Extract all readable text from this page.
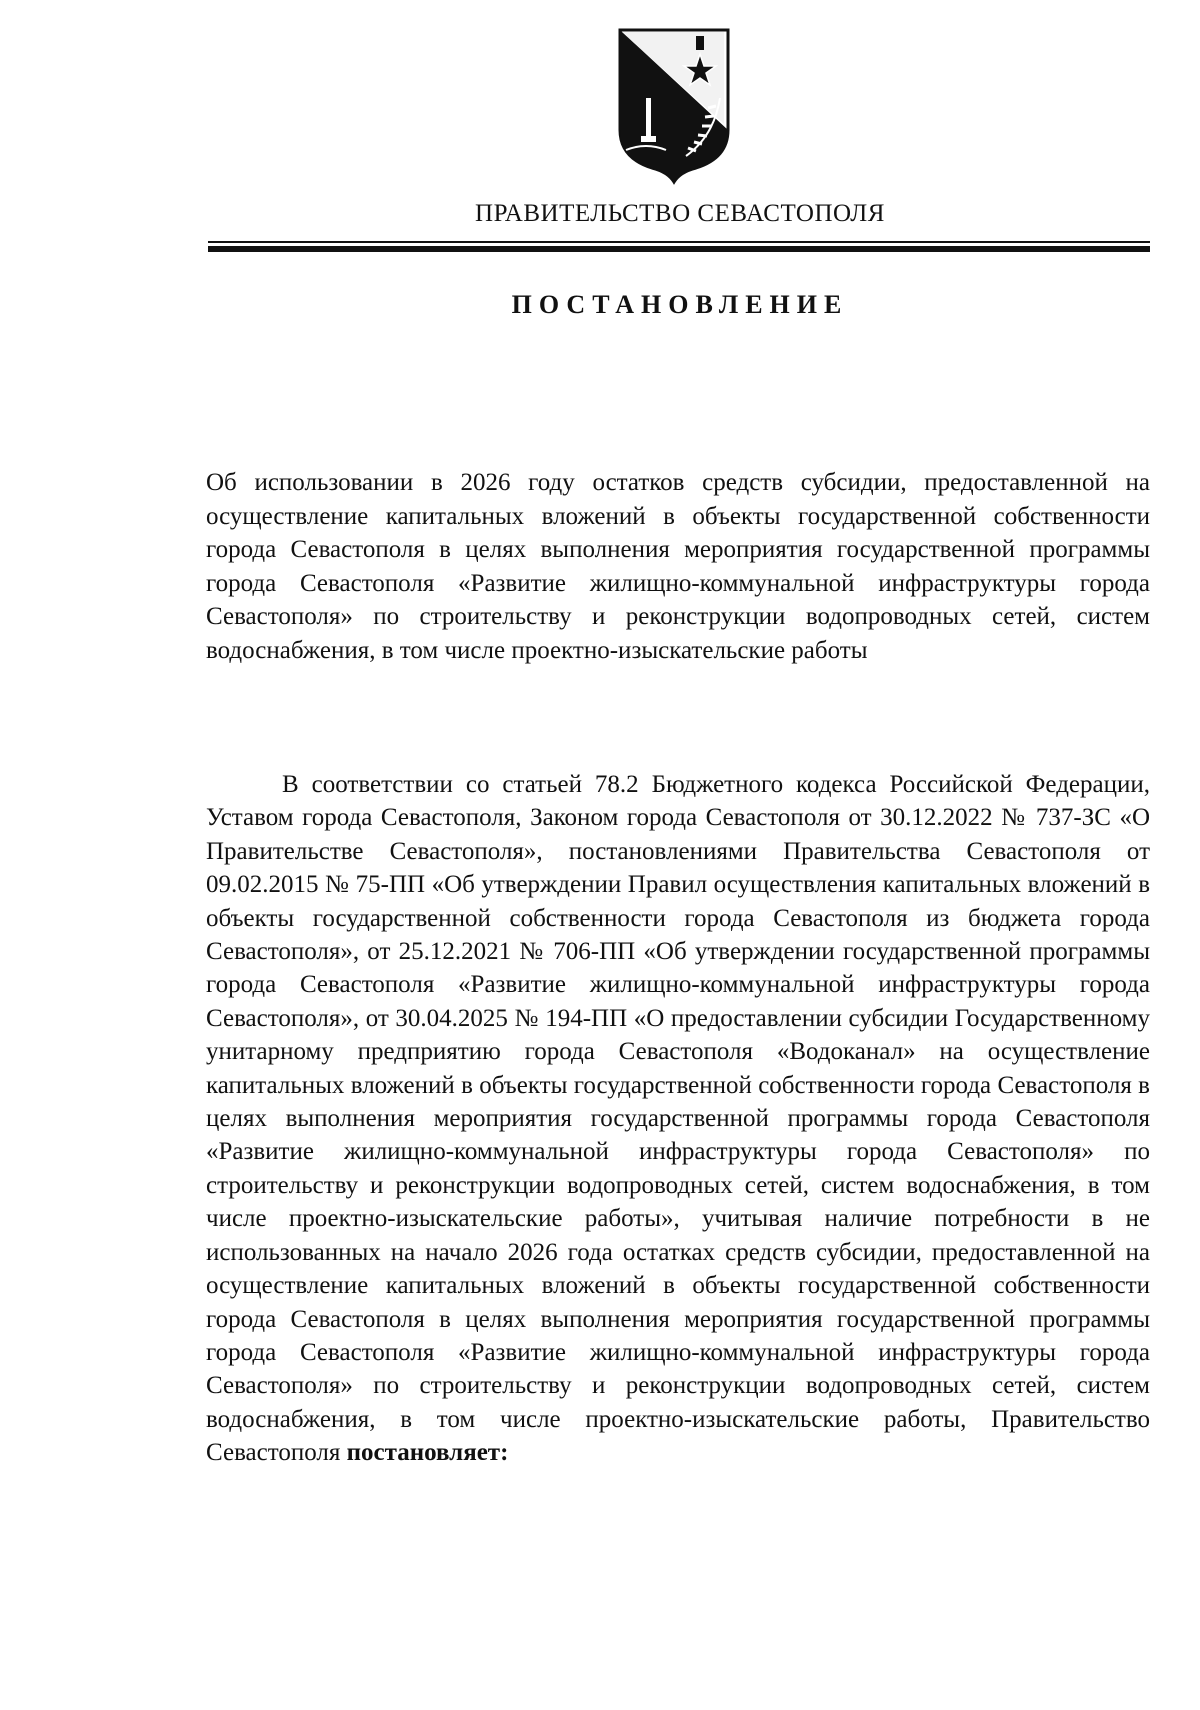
ПРАВИТЕЛЬСТВО СЕВАСТОПОЛЯ
ПОСТАНОВЛЕНИЕ
Об использовании в 2026 году остатков средств субсидии, предоставленной на осуществление капитальных вложений в объекты государственной собственности города Севастополя в целях выполнения мероприятия государственной программы города Севастополя «Развитие жилищно-коммунальной инфраструктуры города Севастополя» по строительству и реконструкции водопроводных сетей, систем водоснабжения, в том числе проектно-изыскательские работы
В соответствии со статьей 78.2 Бюджетного кодекса Российской Федерации, Уставом города Севастополя, Законом города Севастополя от 30.12.2022 № 737-ЗС «О Правительстве Севастополя», постановлениями Правительства Севастополя от 09.02.2015 № 75-ПП «Об утверждении Правил осуществления капитальных вложений в объекты государственной собственности города Севастополя из бюджета города Севастополя», от 25.12.2021 № 706-ПП «Об утверждении государственной программы города Севастополя «Развитие жилищно-коммунальной инфраструктуры города Севастополя», от 30.04.2025 № 194-ПП «О предоставлении субсидии Государственному унитарному предприятию города Севастополя «Водоканал» на осуществление капитальных вложений в объекты государственной собственности города Севастополя в целях выполнения мероприятия государственной программы города Севастополя «Развитие жилищно-коммунальной инфраструктуры города Севастополя» по строительству и реконструкции водопроводных сетей, систем водоснабжения, в том числе проектно-изыскательские работы», учитывая наличие потребности в не использованных на начало 2026 года остатках средств субсидии, предоставленной на осуществление капитальных вложений в объекты государственной собственности города Севастополя в целях выполнения мероприятия государственной программы города Севастополя «Развитие жилищно-коммунальной инфраструктуры города Севастополя» по строительству и реконструкции водопроводных сетей, систем водоснабжения, в том числе проектно-изыскательские работы, Правительство Севастополя постановляет:
